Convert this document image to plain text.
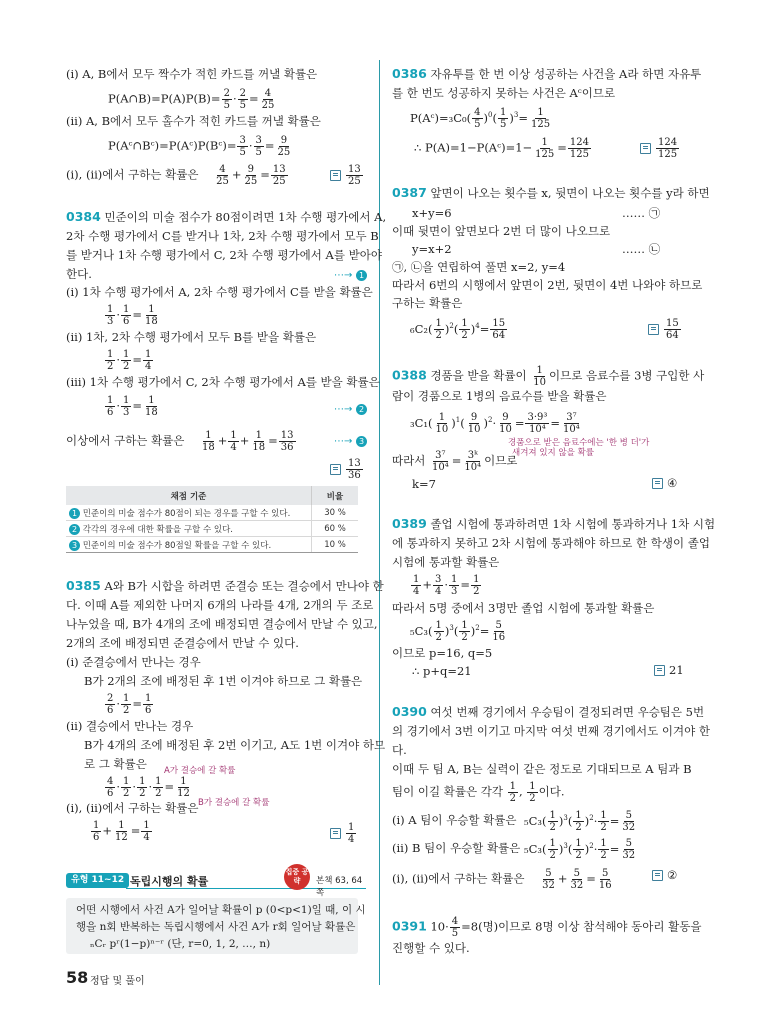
(ⅰ) A, B에서 모두 짝수가 적힌 카드를 꺼낼 확률은
P(A∩B)=P(A)P(B)= $\frac{2}{5} \cdot \frac{2}{5} = \frac{4}{25}$
(ⅱ) A, B에서 모두 홀수가 적힌 카드를 꺼낼 확률은
P(Aᶜ∩Bᶜ)=P(Aᶜ)P(Bᶜ)= $\frac{3}{5} \cdot \frac{3}{5} = \frac{9}{25}$
(ⅰ), (ⅱ)에서 구하는 확률은 $\frac{4}{25} + \frac{9}{25} = \frac{13}{25}$	$\frac{13}{25}$
0384 민준이의 미술 점수가 80점이려면 1차 수행 평가에서 A,
2차 수행 평가에서 C를 받거나 1차, 2차 수행 평가에서 모두 B
를 받거나 1차 수행 평가에서 C, 2차 수행 평가에서 A를 받아야
한다.	⋯→ 1
(ⅰ) 1차 수행 평가에서 A, 2차 수행 평가에서 C를 받을 확률은
$\frac{1}{3} \cdot \frac{1}{6} = \frac{1}{18}$
(ⅱ) 1차, 2차 수행 평가에서 모두 B를 받을 확률은
$\frac{1}{2} \cdot \frac{1}{2} = \frac{1}{4}$
(ⅲ) 1차 수행 평가에서 C, 2차 수행 평가에서 A를 받을 확률은
$\frac{1}{6} \cdot \frac{1}{3} = \frac{1}{18}$	⋯→ 2
이상에서 구하는 확률은 $\frac{1}{18} + \frac{1}{4} + \frac{1}{18} = \frac{13}{36}$	⋯→ 3
$\frac{13}{36}$
채점 기준	비율
1 민준이의 미술 점수가 80점이 되는 경우를 구할 수 있다.	30 %
2 각각의 경우에 대한 확률을 구할 수 있다.	60 %
3 민준이의 미술 점수가 80점일 확률을 구할 수 있다.	10 %
0385 A와 B가 시합을 하려면 준결승 또는 결승에서 만나야 한
다. 이때 A를 제외한 나머지 6개의 나라를 4개, 2개의 두 조로
나누었을 때, B가 4개의 조에 배정되면 결승에서 만날 수 있고,
2개의 조에 배정되면 준결승에서 만날 수 있다.
(ⅰ) 준결승에서 만나는 경우
B가 2개의 조에 배정된 후 1번 이겨야 하므로 그 확률은
$\frac{2}{6} \cdot \frac{1}{2} = \frac{1}{6}$
(ⅱ) 결승에서 만나는 경우
B가 4개의 조에 배정된 후 2번 이기고, A도 1번 이겨야 하므
로 그 확률은 A가 결승에 갈 확률
$\frac{4}{6} \cdot \frac{1}{2} \cdot \frac{1}{2} \cdot \frac{1}{2} = \frac{1}{12}$
B가 결승에 갈 확률
(ⅰ), (ⅱ)에서 구하는 확률은
$\frac{1}{6} + \frac{1}{12} = \frac{1}{4}$	$\frac{1}{4}$
유형 11~12 독립시행의 확률
집중 공략	본책 63, 64쪽
어떤 시행에서 사건 A가 일어날 확률이 p (0<p<1)일 때, 이 시
행을 n회 반복하는 독립시행에서 사건 A가 r회 일어날 확률은
ₙCᵣ pʳ(1−p)ⁿ⁻ʳ (단, r=0, 1, 2, …, n)
58 정답 및 풀이
0386 자유투를 한 번 이상 성공하는 사건을 A라 하면 자유투
를 한 번도 성공하지 못하는 사건은 Aᶜ이므로
P(Aᶜ)=₃C₀( $\frac{4}{5} )^0( \frac{1}{5} )^3= \frac{1}{125}$
∴ P(A)=1−P(Aᶜ)=1− $\frac{1}{125} = \frac{124}{125}$	$\frac{124}{125}$
0387 앞면이 나오는 횟수를 x, 뒷면이 나오는 횟수를 y라 하면
x+y=6	…… ㉠
이때 뒷면이 앞면보다 2번 더 많이 나오므로
y=x+2	…… ㉡
㉠, ㉡을 연립하여 풀면 x=2, y=4
따라서 6번의 시행에서 앞면이 2번, 뒷면이 4번 나와야 하므로
구하는 확률은
$_6C_2( \frac{1}{2} )^2( \frac{1}{2} )^4= \frac{15}{64}$	$\frac{15}{64}$
0388 경품을 받을 확률이 $\frac{1}{10}$ 이므로 음료수를 3병 구입한 사
람이 경품으로 1병의 음료수를 받을 확률은
$_3C_1( \frac{1}{10} )^1( \frac{9}{10} )^2\cdot \frac{9}{10} = \frac{\text{3·9³}}{\text{10⁴}} = \frac{\text{3⁷}}{\text{10⁴}}$
경품으로 받은 음료수에는 '한 병 더'가
새겨져 있지 않을 확률
따라서 $\frac{\text{3⁷}}{\text{10⁴}} = \frac{\text{3ᵏ}}{\text{10⁴}}$ 이므로
k=7	④
0389 졸업 시험에 통과하려면 1차 시험에 통과하거나 1차 시험
에 통과하지 못하고 2차 시험에 통과해야 하므로 한 학생이 졸업
시험에 통과할 확률은
$\frac{1}{4} + \frac{3}{4} \cdot \frac{1}{3} = \frac{1}{2}$
따라서 5명 중에서 3명만 졸업 시험에 통과할 확률은
$_5C_3( \frac{1}{2} )^3( \frac{1}{2} )^2= \frac{5}{16}$
이므로 p=16, q=5
∴ p+q=21	21
0390 여섯 번째 경기에서 우승팀이 결정되려면 우승팀은 5번
의 경기에서 3번 이기고 마지막 여섯 번째 경기에서도 이겨야 한
다.
이때 두 팀 A, B는 실력이 같은 정도로 기대되므로 A 팀과 B
팀이 이길 확률은 각각 $\frac{1}{2}$ , $\frac{1}{2}$ 이다.
(ⅰ) A 팀이 우승할 확률은 $_5C_3( \frac{1}{2} )^3( \frac{1}{2} )^2\cdot \frac{1}{2} = \frac{5}{32}$
(ⅱ) B 팀이 우승할 확률은 $_5C_3( \frac{1}{2} )^3( \frac{1}{2} )^2\cdot \frac{1}{2} = \frac{5}{32}$
(ⅰ), (ⅱ)에서 구하는 확률은 $\frac{5}{32} + \frac{5}{32} = \frac{5}{16}$	②
0391 $10\cdot \frac{4}{5} =8$(명)이므로 8명 이상 참석해야 동아리 활동을
진행할 수 있다.
